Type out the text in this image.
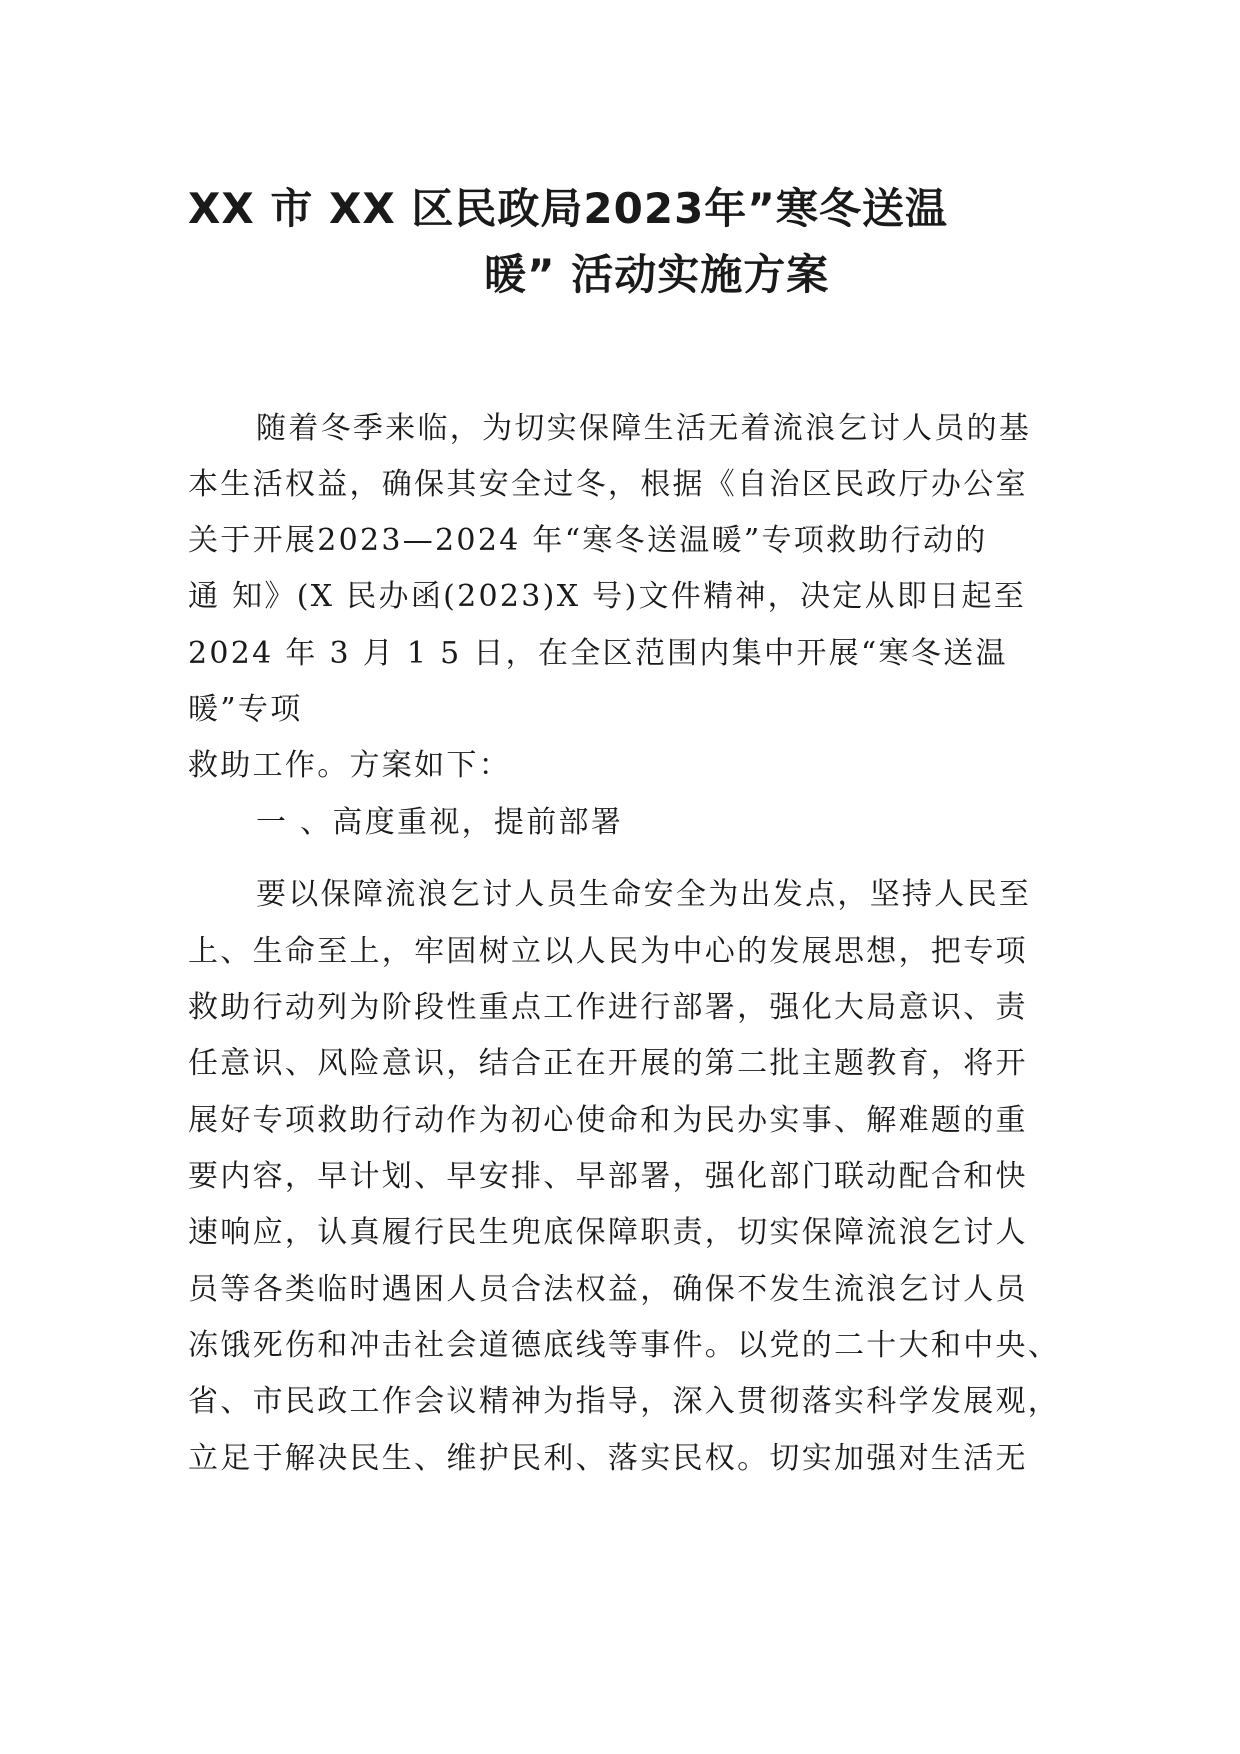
XX 市 XX 区民政局2023年”寒冬送温
暖” 活动实施方案
随着冬季来临，为切实保障生活无着流浪乞讨人员的基
本生活权益，确保其安全过冬，根据《自治区民政厅办公室
关于开展2023—2024 年“寒冬送温暖”专项救助行动的
通 知》(X 民办函(2023)X 号)文件精神，决定从即日起至
2024 年 3 月 1 5 日，在全区范围内集中开展“寒冬送温
暖”专项
救助工作。方案如下：
一 、高度重视，提前部署
要以保障流浪乞讨人员生命安全为出发点，坚持人民至
上、生命至上，牢固树立以人民为中心的发展思想，把专项
救助行动列为阶段性重点工作进行部署，强化大局意识、责
任意识、风险意识，结合正在开展的第二批主题教育，将开
展好专项救助行动作为初心使命和为民办实事、解难题的重
要内容，早计划、早安排、早部署，强化部门联动配合和快
速响应，认真履行民生兜底保障职责，切实保障流浪乞讨人
员等各类临时遇困人员合法权益，确保不发生流浪乞讨人员
冻饿死伤和冲击社会道德底线等事件。以党的二十大和中央、
省、市民政工作会议精神为指导，深入贯彻落实科学发展观，
立足于解决民生、维护民利、落实民权。切实加强对生活无
